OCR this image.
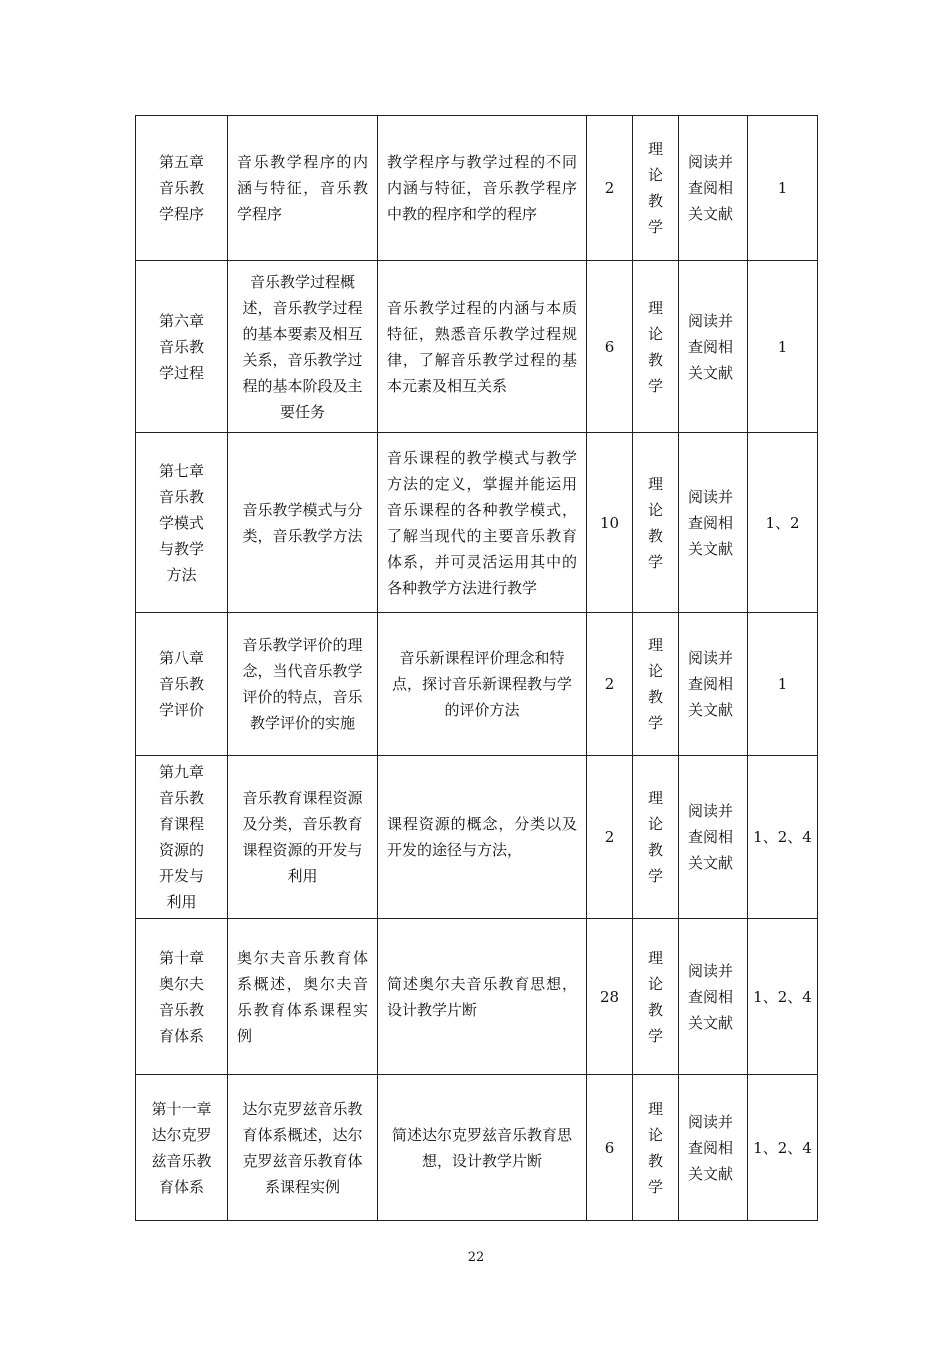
第五章音乐教学程序	音乐教学程序的内涵与特征，音乐教学程序	教学程序与教学过程的不同内涵与特征，音乐教学程序中教的程序和学的程序	2	理论教学	阅读并查阅相关文献	1

第六章音乐教学过程	音乐教学过程概述，音乐教学过程的基本要素及相互关系，音乐教学过程的基本阶段及主要任务	音乐教学过程的内涵与本质特征，熟悉音乐教学过程规律，了解音乐教学过程的基本元素及相互关系	6	理论教学	阅读并查阅相关文献	1

第七章音乐教学模式与教学方法	音乐教学模式与分类，音乐教学方法	音乐课程的教学模式与教学方法的定义，掌握并能运用音乐课程的各种教学模式，了解当现代的主要音乐教育体系，并可灵活运用其中的各种教学方法进行教学	10	理论教学	阅读并查阅相关文献	1、2

第八章音乐教学评价	音乐教学评价的理念，当代音乐教学评价的特点，音乐教学评价的实施	音乐新课程评价理念和特点，探讨音乐新课程教与学的评价方法	2	理论教学	阅读并查阅相关文献	1

第九章音乐教育课程资源的开发与利用	音乐教育课程资源及分类，音乐教育课程资源的开发与利用	课程资源的概念，分类以及开发的途径与方法，	2	理论教学	阅读并查阅相关文献	1、2、4

第十章奥尔夫音乐教育体系	奥尔夫音乐教育体系概述，奥尔夫音乐教育体系课程实例	简述奥尔夫音乐教育思想，设计教学片断	28	理论教学	阅读并查阅相关文献	1、2、4

第十一章达尔克罗兹音乐教育体系	达尔克罗兹音乐教育体系概述，达尔克罗兹音乐教育体系课程实例	简述达尔克罗兹音乐教育思想，设计教学片断	6	理论教学	阅读并查阅相关文献	1、2、4
22
